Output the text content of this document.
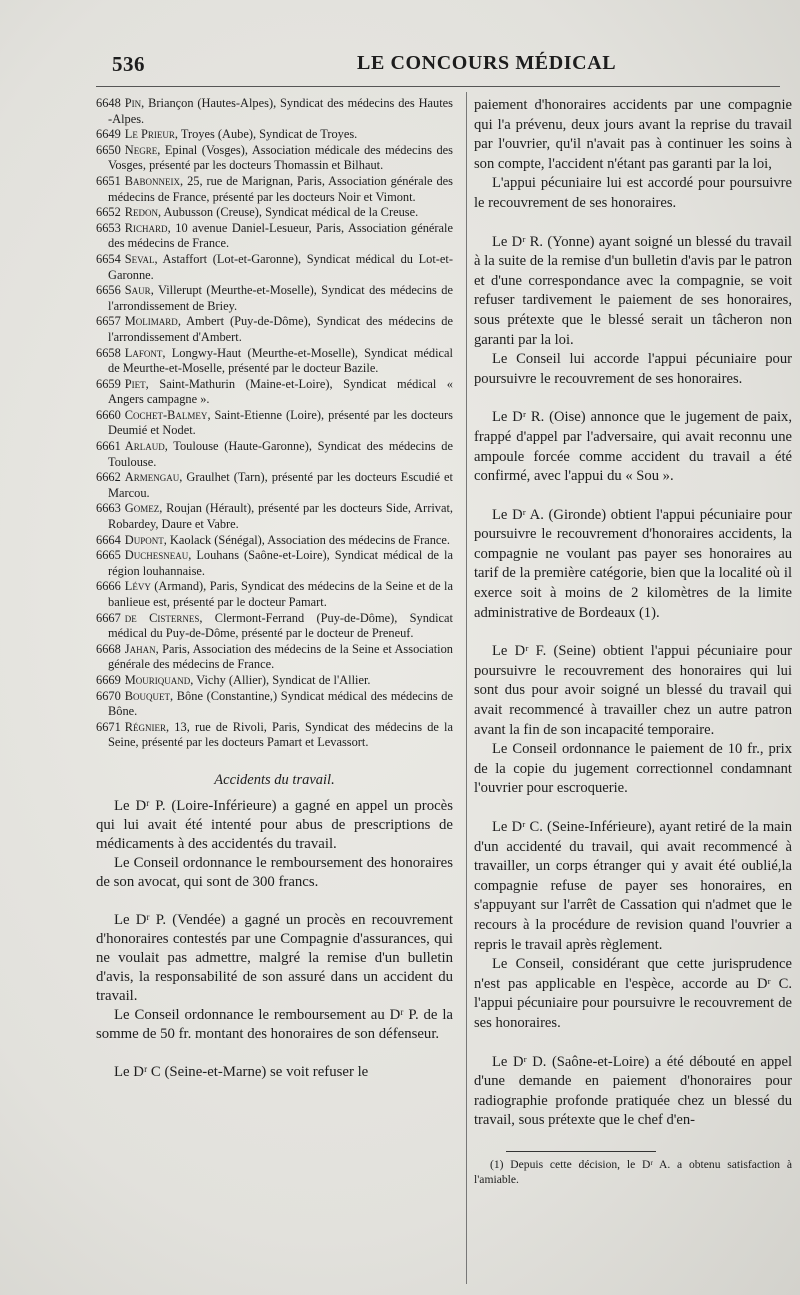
536	LE CONCOURS MÉDICAL
6648 Pin, Briançon (Hautes-Alpes), Syndicat des médecins des Hautes -Alpes.
6649 Le Prieur, Troyes (Aube), Syndicat de Troyes.
6650 Negre, Epinal (Vosges), Association médicale des médecins des Vosges, présenté par les docteurs Thomassin et Bilhaut.
6651 Babonneix, 25, rue de Marignan, Paris, Association générale des médecins de France, présenté par les docteurs Noir et Vimont.
6652 Redon, Aubusson (Creuse), Syndicat médical de la Creuse.
6653 Richard, 10 avenue Daniel-Lesueur, Paris, Association générale des médecins de France.
6654 Seval, Astaffort (Lot-et-Garonne), Syndicat médical du Lot-et-Garonne.
6656 Saur, Villerupt (Meurthe-et-Moselle), Syndicat des médecins de l'arrondissement de Briey.
6657 Molimard, Ambert (Puy-de-Dôme), Syndicat des médecins de l'arrondissement d'Ambert.
6658 Lafont, Longwy-Haut (Meurthe-et-Moselle), Syndicat médical de Meurthe-et-Moselle, présenté par le docteur Bazile.
6659 Piet, Saint-Mathurin (Maine-et-Loire), Syndicat médical « Angers campagne ».
6660 Cochet-Balmey, Saint-Etienne (Loire), présenté par les docteurs Deumié et Nodet.
6661 Arlaud, Toulouse (Haute-Garonne), Syndicat des médecins de Toulouse.
6662 Armengau, Graulhet (Tarn), présenté par les docteurs Escudié et Marcou.
6663 Gomez, Roujan (Hérault), présenté par les docteurs Side, Arrivat, Robardey, Daure et Vabre.
6664 Dupont, Kaolack (Sénégal), Association des médecins de France.
6665 Duchesneau, Louhans (Saône-et-Loire), Syndicat médical de la région louhannaise.
6666 Lévy (Armand), Paris, Syndicat des médecins de la Seine et de la banlieue est, présenté par le docteur Pamart.
6667 de Cisternes, Clermont-Ferrand (Puy-de-Dôme), Syndicat médical du Puy-de-Dôme, présenté par le docteur de Preneuf.
6668 Jahan, Paris, Association des médecins de la Seine et Association générale des médecins de France.
6669 Mouriquand, Vichy (Allier), Syndicat de l'Allier.
6670 Bouquet, Bône (Constantine,) Syndicat médical des médecins de Bône.
6671 Régnier, 13, rue de Rivoli, Paris, Syndicat des médecins de la Seine, présenté par les docteurs Pamart et Levassort.
Accidents du travail.

Le Dʳ P. (Loire-Inférieure) a gagné en appel un procès qui lui avait été intenté pour abus de prescriptions de médicaments à des accidentés du travail.

Le Conseil ordonnance le remboursement des honoraires de son avocat, qui sont de 300 francs.

Le Dʳ P. (Vendée) a gagné un procès en recouvrement d'honoraires contestés par une Compagnie d'assurances, qui ne voulait pas admettre, malgré la remise d'un bulletin d'avis, la responsabilité de son assuré dans un accident du travail.

Le Conseil ordonnance le remboursement au Dʳ P. de la somme de 50 fr. montant des honoraires de son défenseur.

Le Dʳ C (Seine-et-Marne) se voit refuser le

paiement d'honoraires accidents par une compagnie qui l'a prévenu, deux jours avant la reprise du travail par l'ouvrier, qu'il n'avait pas à continuer les soins à son compte, l'accident n'étant pas garanti par la loi,

L'appui pécuniaire lui est accordé pour poursuivre le recouvrement de ses honoraires.

Le Dʳ R. (Yonne) ayant soigné un blessé du travail à la suite de la remise d'un bulletin d'avis par le patron et d'une correspondance avec la compagnie, se voit refuser tardivement le paiement de ses honoraires, sous prétexte que le blessé serait un tâcheron non garanti par la loi.

Le Conseil lui accorde l'appui pécuniaire pour poursuivre le recouvrement de ses honoraires.

Le Dʳ R. (Oise) annonce que le jugement de paix, frappé d'appel par l'adversaire, qui avait reconnu une ampoule forcée comme accident du travail a été confirmé, avec l'appui du « Sou ».

Le Dʳ A. (Gironde) obtient l'appui pécuniaire pour poursuivre le recouvrement d'honoraires accidents, la compagnie ne voulant pas payer ses honoraires au tarif de la première catégorie, bien que la localité où il exerce soit à moins de 2 kilomètres de la limite administrative de Bordeaux (1).

Le Dʳ F. (Seine) obtient l'appui pécuniaire pour poursuivre le recouvrement des honoraires qui lui sont dus pour avoir soigné un blessé du travail qui avait recommencé à travailler chez un autre patron avant la fin de son incapacité temporaire.

Le Conseil ordonnance le paiement de 10 fr., prix de la copie du jugement correctionnel condamnant l'ouvrier pour escroquerie.

Le Dʳ C. (Seine-Inférieure), ayant retiré de la main d'un accidenté du travail, qui avait recommencé à travailler, un corps étranger qui y avait été oublié,la compagnie refuse de payer ses honoraires, en s'appuyant sur l'arrêt de Cassation qui n'admet que le recours à la procédure de revision quand l'ouvrier a repris le travail après règlement.

Le Conseil, considérant que cette jurisprudence n'est pas applicable en l'espèce, accorde au Dʳ C. l'appui pécuniaire pour poursuivre le recouvrement de ses honoraires.

Le Dʳ D. (Saône-et-Loire) a été débouté en appel d'une demande en paiement d'honoraires pour radiographie profonde pratiquée chez un blessé du travail, sous prétexte que le chef d'en-

(1) Depuis cette décision, le Dʳ A. a obtenu satisfaction à l'amiable.
